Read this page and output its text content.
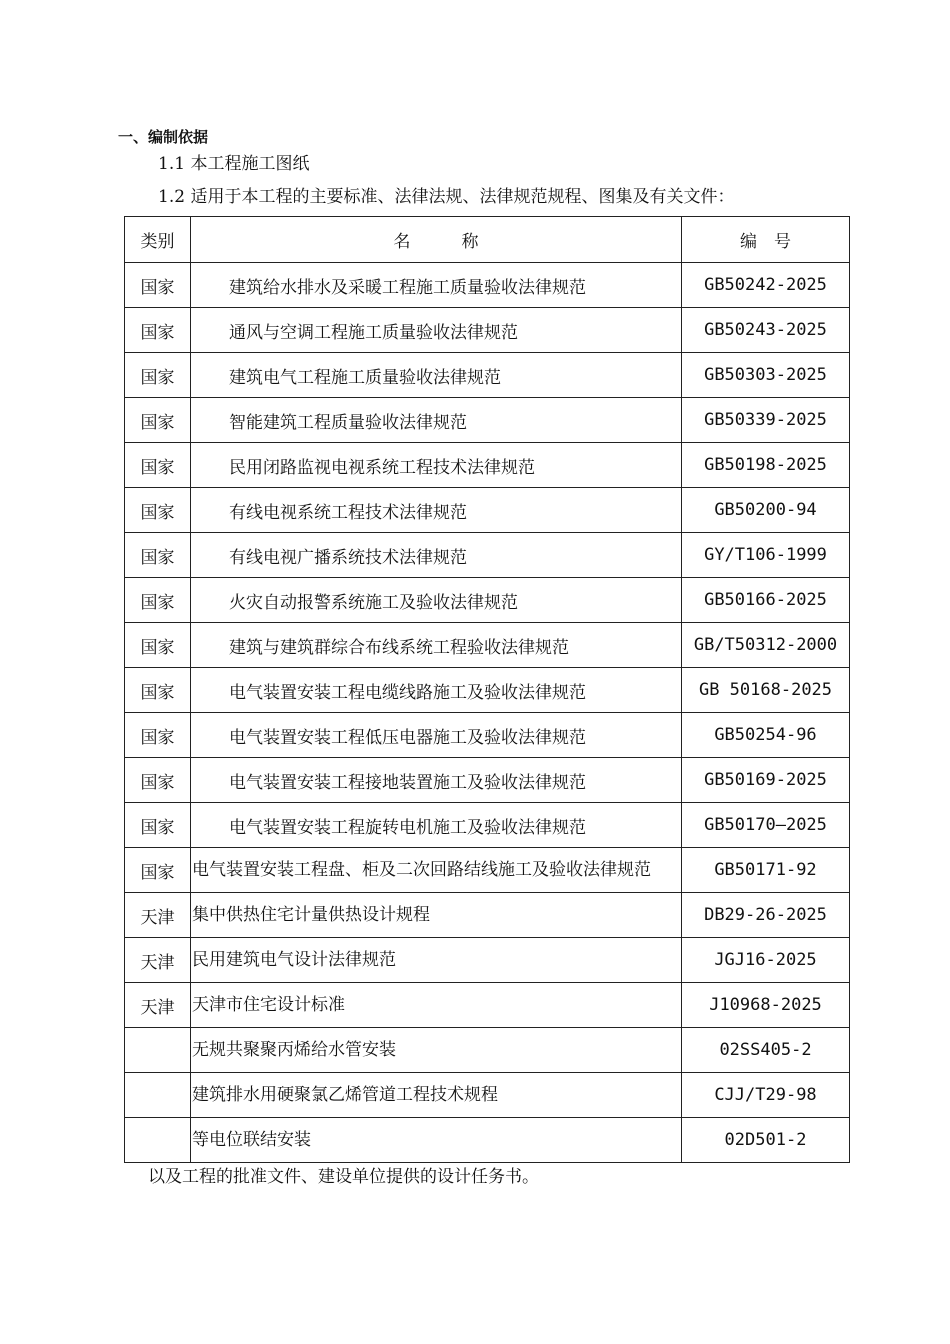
一、编制依据
1.1 本工程施工图纸
1.2 适用于本工程的主要标准、法律法规、法律规范规程、图集及有关文件：
类别	名　　　称	编　号
国家	建筑给水排水及采暖工程施工质量验收法律规范	GB50242-2025
国家	通风与空调工程施工质量验收法律规范	GB50243-2025
国家	建筑电气工程施工质量验收法律规范	GB50303-2025
国家	智能建筑工程质量验收法律规范	GB50339-2025
国家	民用闭路监视电视系统工程技术法律规范	GB50198-2025
国家	有线电视系统工程技术法律规范	GB50200-94
国家	有线电视广播系统技术法律规范	GY/T106-1999
国家	火灾自动报警系统施工及验收法律规范	GB50166-2025
国家	建筑与建筑群综合布线系统工程验收法律规范	GB/T50312-2000
国家	电气装置安装工程电缆线路施工及验收法律规范	GB 50168-2025
国家	电气装置安装工程低压电器施工及验收法律规范	GB50254-96
国家	电气装置安装工程接地装置施工及验收法律规范	GB50169-2025
国家	电气装置安装工程旋转电机施工及验收法律规范	GB50170—2025
国家	电气装置安装工程盘、柜及二次回路结线施工及验收法律规范	GB50171-92
天津	集中供热住宅计量供热设计规程	DB29-26-2025
天津	民用建筑电气设计法律规范	JGJ16-2025
天津	天津市住宅设计标准	J10968-2025

	无规共聚聚丙烯给水管安装	02SS405-2

	建筑排水用硬聚氯乙烯管道工程技术规程	CJJ/T29-98

	等电位联结安装	02D501-2
以及工程的批准文件、建设单位提供的设计任务书。
